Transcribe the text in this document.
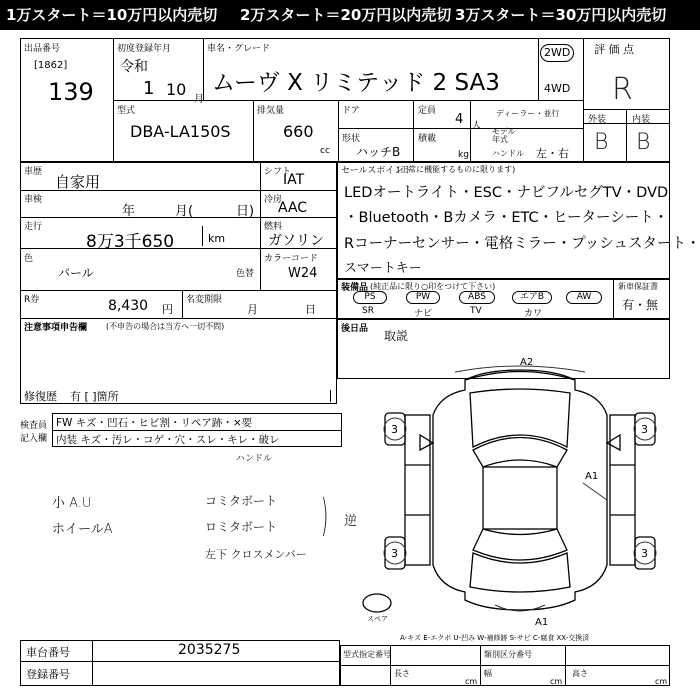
1万スタート＝10万円以内売切 2万スタート＝20万円以内売切 3万スタート＝30万円以内売切
出品番号
[1862]
139
初度登録年月
令和
1 10
月
車名・グレード
ムーヴ X リミテッド 2 SA3
2WD
4WD
評 価 点
R
型式
DBA-LA150S
排気量
660
cc
ドア	定員
4 人
ディーラー・並行
形状
ハッチB
積載
kg
モデル年式
ハンドル 左・右
外装	内装
B B
車歴
自家用
シフト
IAT
車検
年	月(	日)
冷房
AAC
走行
8万3千650	km
燃料
ガソリン
色
パール	色替
カラーコード
W24
R券	8,430 円
名変期限
月	日
注意事項申告欄 (不申告の場合は当方へ一切不問)
修復歴 有 [ ]箇所
セールスポイント
(正常に機能するものに限ります)
LEDオートライト・ESC・ナビフルセグTV・DVD
・Bluetooth・Bカメラ・ETC・ヒーターシート・
Rコーナーセンサー・電格ミラー・プッシュスタート・
スマートキー
装備品 (純正品に限り○印をつけて下さい)
PS	PW	ABS	エアB	AW
SR	ナビ	TV	カワ
新車保証書
有・無
後日品 取説
検査員
記入欄
FW キズ・凹石・ヒビ割・リペア跡・×要
内装 キズ・汚レ・コゲ・穴・スレ・キレ・破レ
ハンドル
小 A.U
ホイールA
コミタボート
ロミタボート
左下 クロスメンバー
) 逆
A2
A1
A1
3	3
3	3
スペア
A-キズ E-エクボ U-凹み W-補修跡 S-サビ C-腐食 XX-交換済
車台番号	2035275
登録番号
型式指定番号	類別区分番号
長さ	幅	高さ
cm	cm	cm
